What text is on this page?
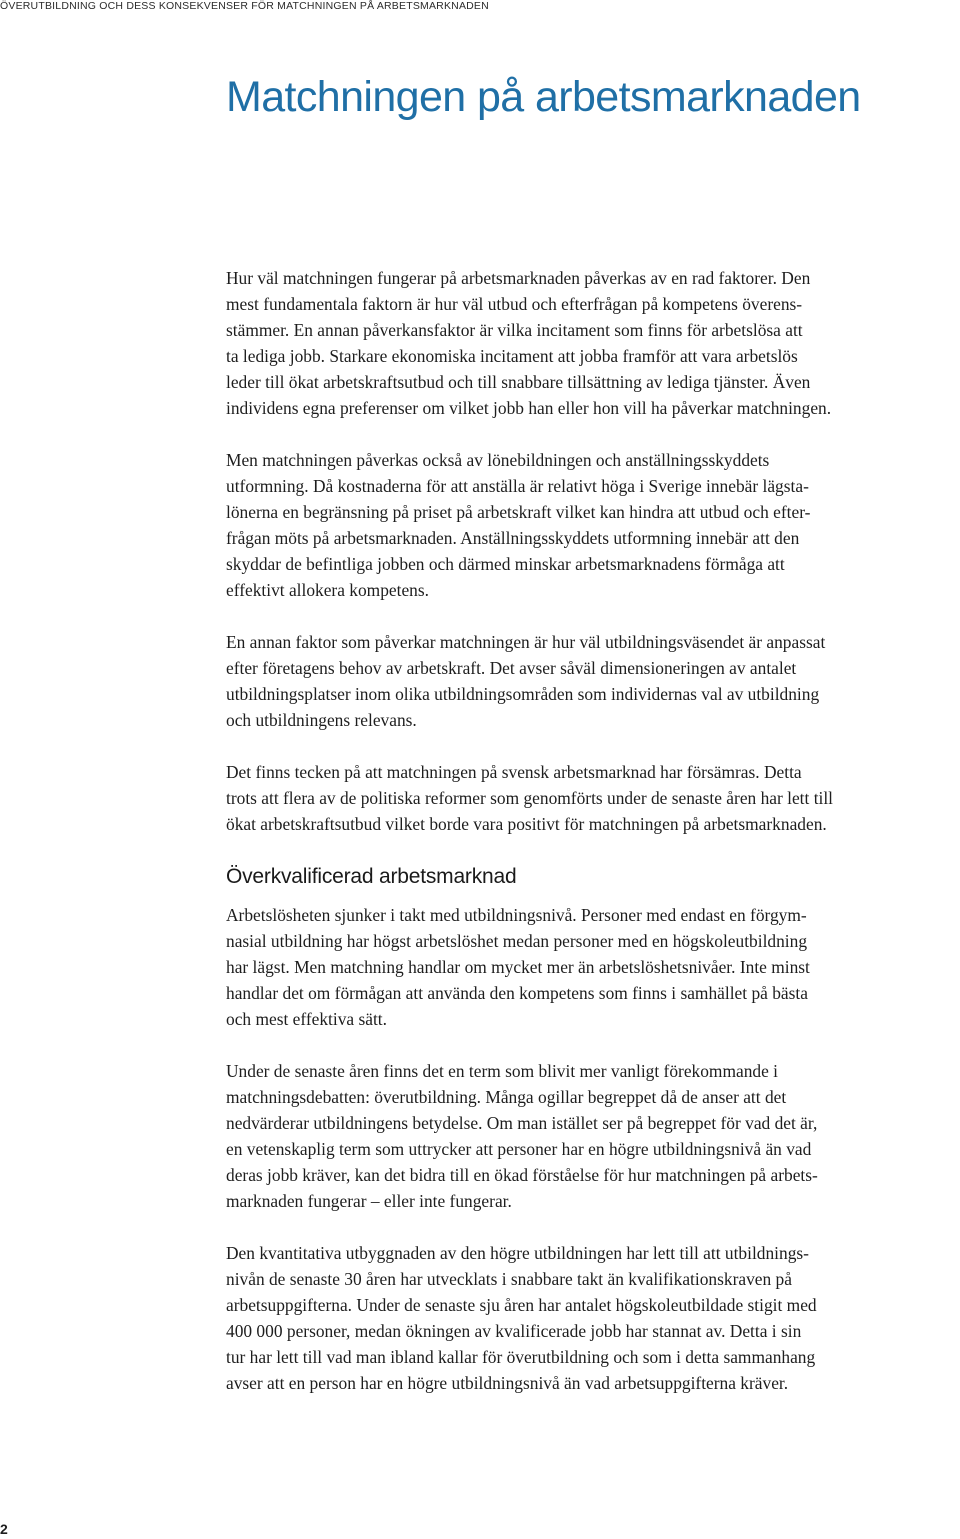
ÖVERUTBILDNING OCH DESS KONSEKVENSER FÖR MATCHNINGEN PÅ ARBETSMARKNADEN
Matchningen på arbetsmarknaden

Hur väl matchningen fungerar på arbetsmarknaden påverkas av en rad faktorer. Den
mest fundamentala faktorn är hur väl utbud och efterfrågan på kompetens överens-
stämmer. En annan påverkansfaktor är vilka incitament som finns för arbetslösa att
ta lediga jobb. Starkare ekonomiska incitament att jobba framför att vara arbetslös
leder till ökat arbetskraftsutbud och till snabbare tillsättning av lediga tjänster. Även
individens egna preferenser om vilket jobb han eller hon vill ha påverkar matchningen.

Men matchningen påverkas också av lönebildningen och anställningsskyddets
utformning. Då kostnaderna för att anställa är relativt höga i Sverige innebär lägsta-
lönerna en begränsning på priset på arbetskraft vilket kan hindra att utbud och efter-
frågan möts på arbetsmarknaden. Anställningsskyddets utformning innebär att den
skyddar de befintliga jobben och därmed minskar arbetsmarknadens förmåga att
effektivt allokera kompetens.

En annan faktor som påverkar matchningen är hur väl utbildningsväsendet är anpassat
efter företagens behov av arbetskraft. Det avser såväl dimensioneringen av antalet
utbildningsplatser inom olika utbildningsområden som individernas val av utbildning
och utbildningens relevans.

Det finns tecken på att matchningen på svensk arbetsmarknad har försämras. Detta
trots att flera av de politiska reformer som genomförts under de senaste åren har lett till
ökat arbetskraftsutbud vilket borde vara positivt för matchningen på arbetsmarknaden.

Överkvalificerad arbetsmarknad

Arbetslösheten sjunker i takt med utbildningsnivå. Personer med endast en förgym-
nasial utbildning har högst arbetslöshet medan personer med en högskoleutbildning
har lägst. Men matchning handlar om mycket mer än arbetslöshetsnivåer. Inte minst
handlar det om förmågan att använda den kompetens som finns i samhället på bästa
och mest effektiva sätt.

Under de senaste åren finns det en term som blivit mer vanligt förekommande i
matchningsdebatten: överutbildning. Många ogillar begreppet då de anser att det
nedvärderar utbildningens betydelse. Om man istället ser på begreppet för vad det är,
en vetenskaplig term som uttrycker att personer har en högre utbildningsnivå än vad
deras jobb kräver, kan det bidra till en ökad förståelse för hur matchningen på arbets-
marknaden fungerar – eller inte fungerar.

Den kvantitativa utbyggnaden av den högre utbildningen har lett till att utbildnings-
nivån de senaste 30 åren har utvecklats i snabbare takt än kvalifikationskraven på
arbetsuppgifterna. Under de senaste sju åren har antalet högskoleutbildade stigit med
400 000 personer, medan ökningen av kvalificerade jobb har stannat av. Detta i sin
tur har lett till vad man ibland kallar för överutbildning och som i detta sammanhang
avser att en person har en högre utbildningsnivå än vad arbetsuppgifterna kräver.

2
